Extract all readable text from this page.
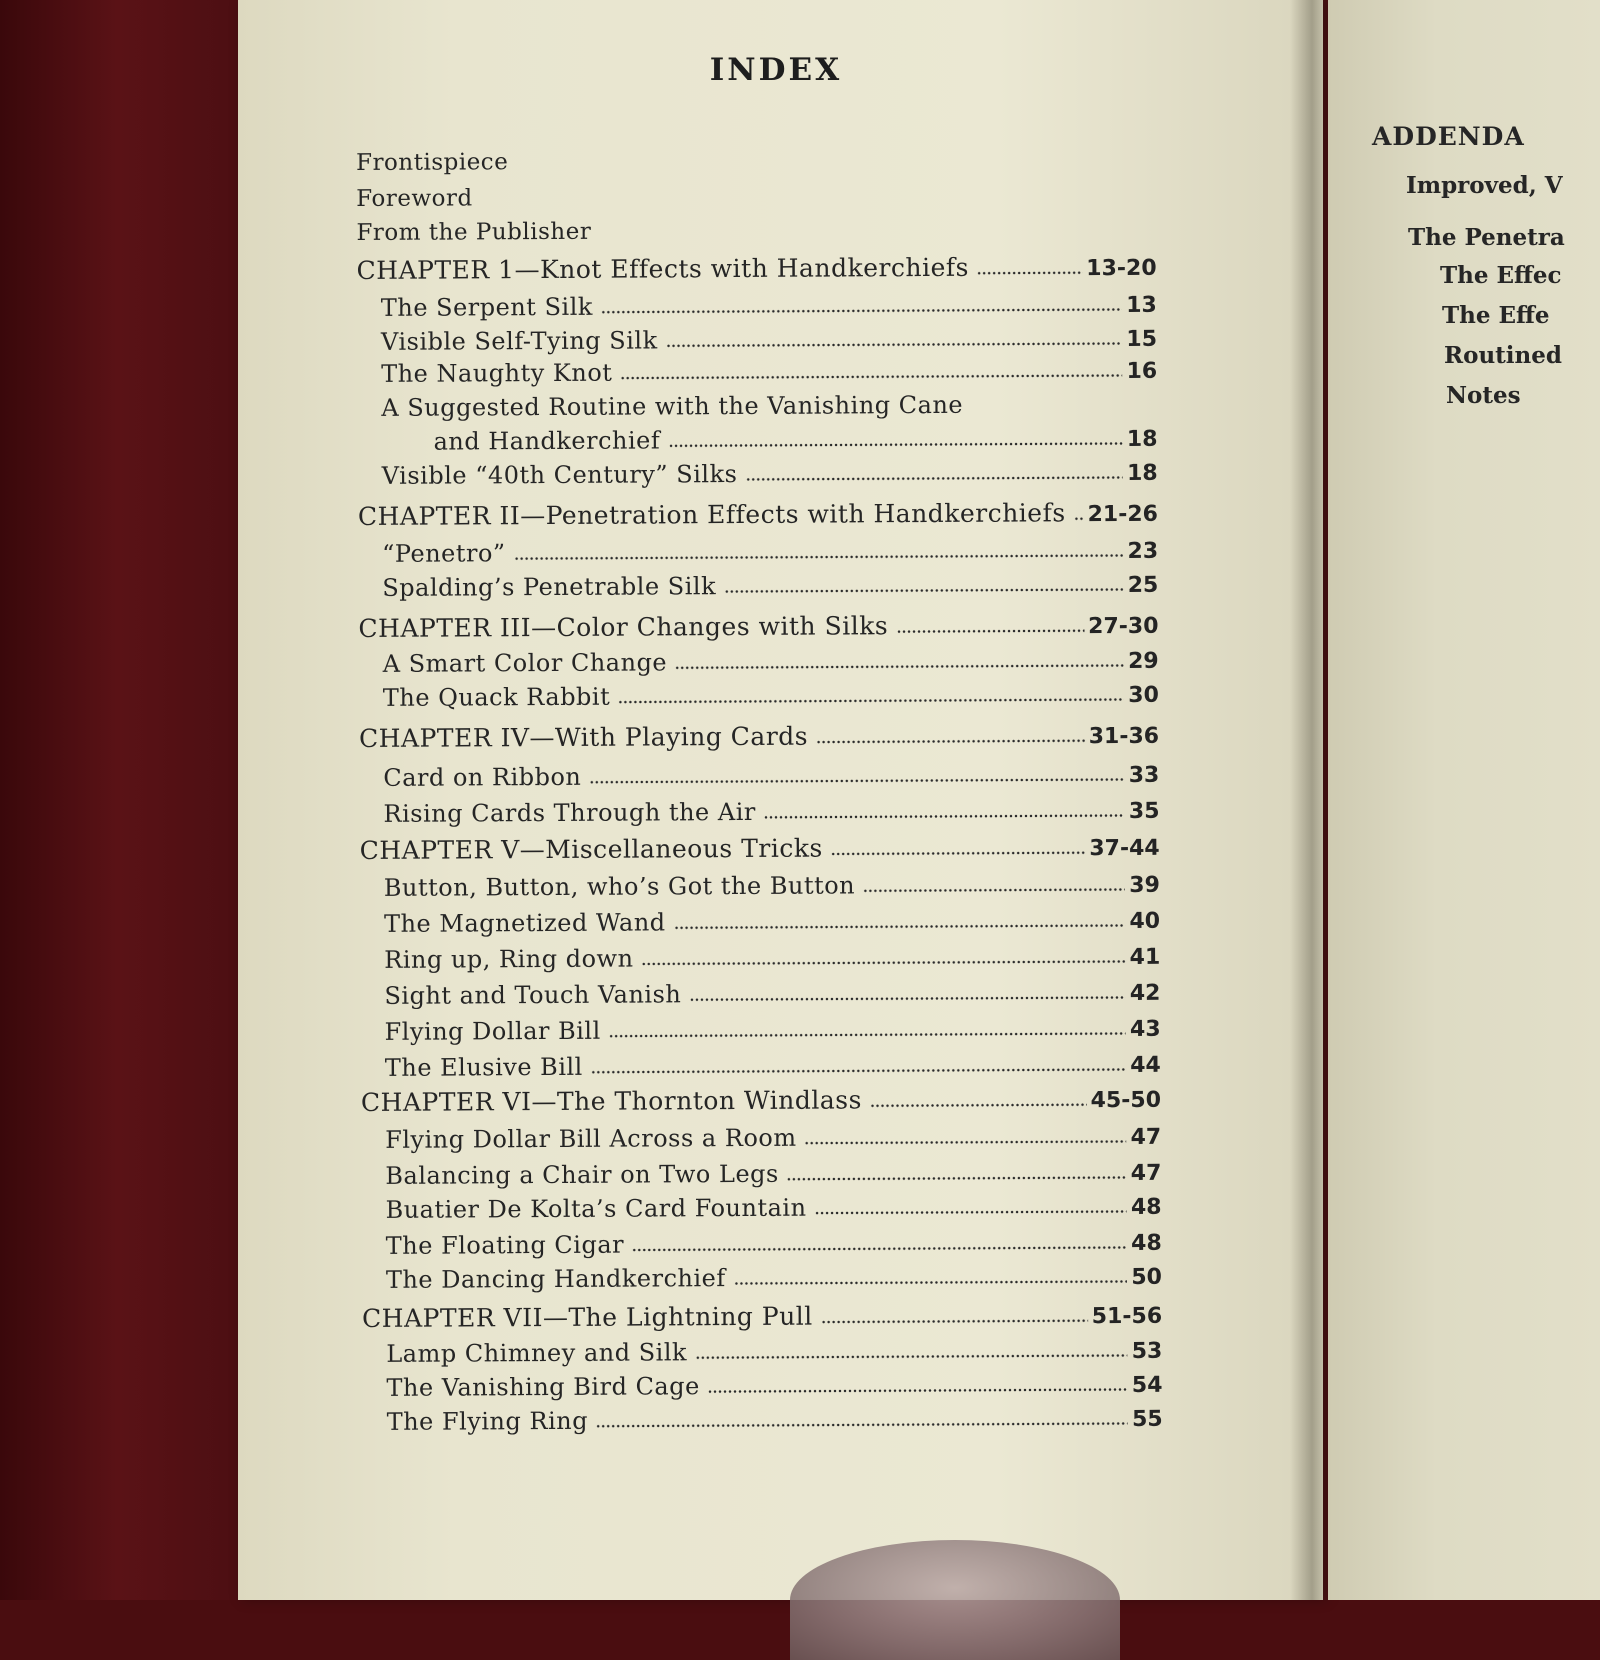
INDEX
Frontispiece
Foreword
From the Publisher
CHAPTER 1—Knot Effects with Handkerchiefs	13-20
The Serpent Silk	13
Visible Self-Tying Silk	15
The Naughty Knot	16
A Suggested Routine with the Vanishing Cane
and Handkerchief	18
Visible “40th Century” Silks	18
CHAPTER II—Penetration Effects with Handkerchiefs 21-26
“Penetro”	23
Spalding’s Penetrable Silk	25
CHAPTER III—Color Changes with Silks	27-30
A Smart Color Change	29
The Quack Rabbit	30
CHAPTER IV—With Playing Cards	31-36
Card on Ribbon	33
Rising Cards Through the Air	35
CHAPTER V—Miscellaneous Tricks	37-44
Button, Button, who’s Got the Button	39
The Magnetized Wand	40
Ring up, Ring down	41
Sight and Touch Vanish	42
Flying Dollar Bill	43
The Elusive Bill	44
CHAPTER VI—The Thornton Windlass	45-50
Flying Dollar Bill Across a Room	47
Balancing a Chair on Two Legs	47
Buatier De Kolta’s Card Fountain	48
The Floating Cigar	48
The Dancing Handkerchief	50
CHAPTER VII—The Lightning Pull	51-56
Lamp Chimney and Silk	53
The Vanishing Bird Cage	54
The Flying Ring	55
ADDENDA
Improved, V
The Penetra
The Effec
The Effe
Routined
Notes
